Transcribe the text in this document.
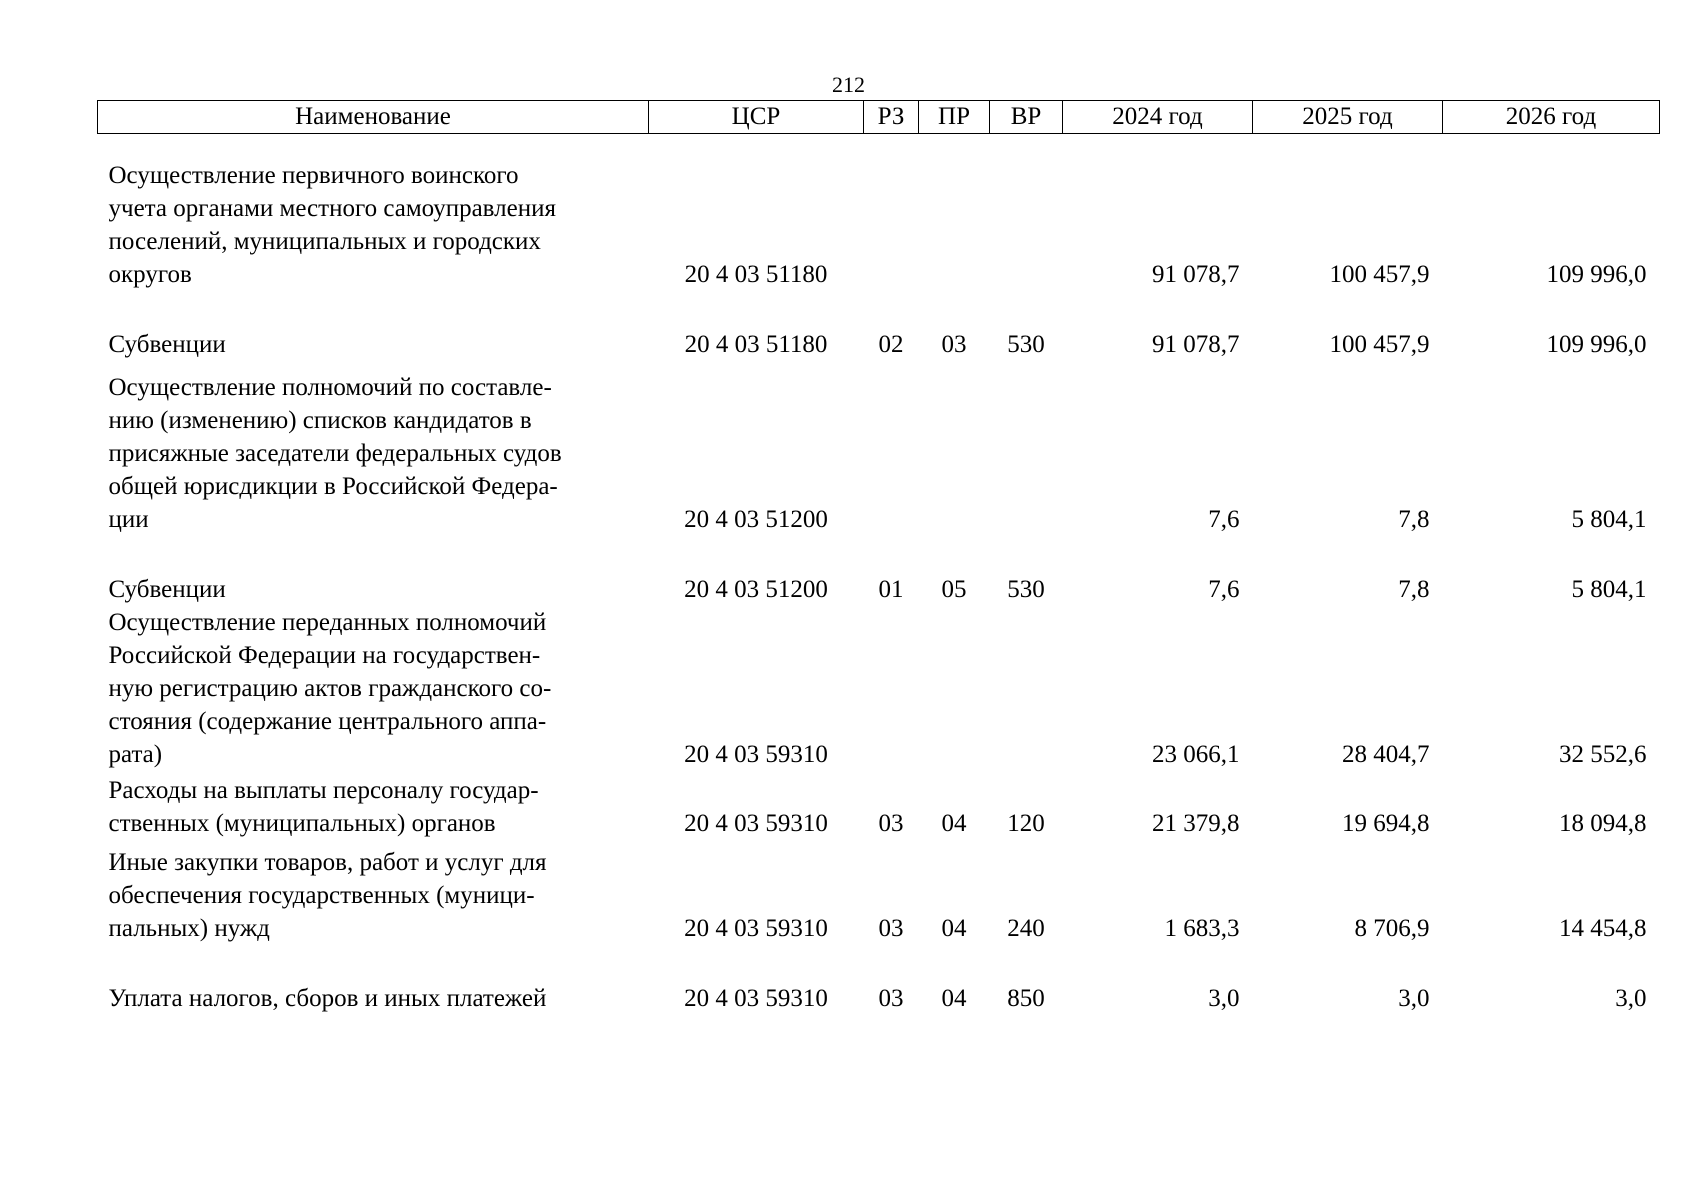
212
Наименование	ЦСР	РЗ	ПР	ВР	2024 год	2025 год	2026 год

Осуществление первичного воинского
учета органами местного самоуправления
поселений, муниципальных и городских
округов	20 4 03 51180				91 078,7	100 457,9	109 996,0

Субвенции	20 4 03 51180	02	03	530	91 078,7	100 457,9	109 996,0

Осуществление полномочий по составле-
нию (изменению) списков кандидатов в
присяжные заседатели федеральных судов
общей юрисдикции в Российской Федера-
ции	20 4 03 51200				7,6	7,8	5 804,1

Субвенции	20 4 03 51200	01	05	530	7,6	7,8	5 804,1

Осуществление переданных полномочий
Российской Федерации на государствен-
ную регистрацию актов гражданского со-
стояния (содержание центрального аппа-
рата)	20 4 03 59310				23 066,1	28 404,7	32 552,6

Расходы на выплаты персоналу государ-
ственных (муниципальных) органов	20 4 03 59310	03	04	120	21 379,8	19 694,8	18 094,8

Иные закупки товаров, работ и услуг для
обеспечения государственных (муници-
пальных) нужд	20 4 03 59310	03	04	240	1 683,3	8 706,9	14 454,8

Уплата налогов, сборов и иных платежей	20 4 03 59310	03	04	850	3,0	3,0	3,0
